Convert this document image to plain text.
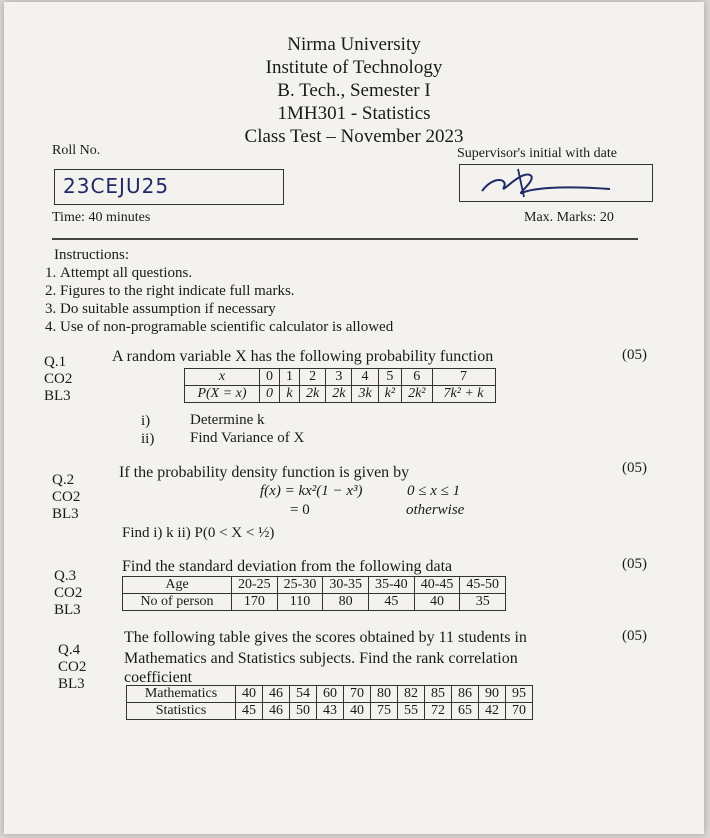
Nirma University
Institute of Technology
B. Tech., Semester I
1MH301 - Statistics
Class Test – November 2023
Roll No.
23CEJU25
Supervisor's initial with date
Time: 40 minutes	Max. Marks: 20
Instructions:
1. Attempt all questions.
2. Figures to the right indicate full marks.
3. Do suitable assumption if necessary
4. Use of non-programable scientific calculator is allowed
Q.1
CO2
BL3
A random variable X has the following probability function	(05)
x	0	1	2	3	4	5	6	7
P(X = x)	0	k	2k	2k	3k	k²	2k²	7k² + k
i)	Determine k
ii) Find Variance of X
Q.2
CO2
BL3
If the probability density function is given by	(05)
f(x) = kx²(1 − x³)	0 ≤ x ≤ 1
= 0	otherwise
Find i) k ii) P(0 < X < ½)
Q.3
CO2
BL3
Find the standard deviation from the following data	(05)
Age	20-25	25-30	30-35	35-40	40-45	45-50
No of person	170	110	80	45	40	35
Q.4
CO2
BL3
The following table gives the scores obtained by 11 students in
Mathematics and Statistics subjects. Find the rank correlation
coefficient
(05)
Mathematics	40	46	54	60	70	80	82	85	86	90	95
Statistics	45	46	50	43	40	75	55	72	65	42	70
